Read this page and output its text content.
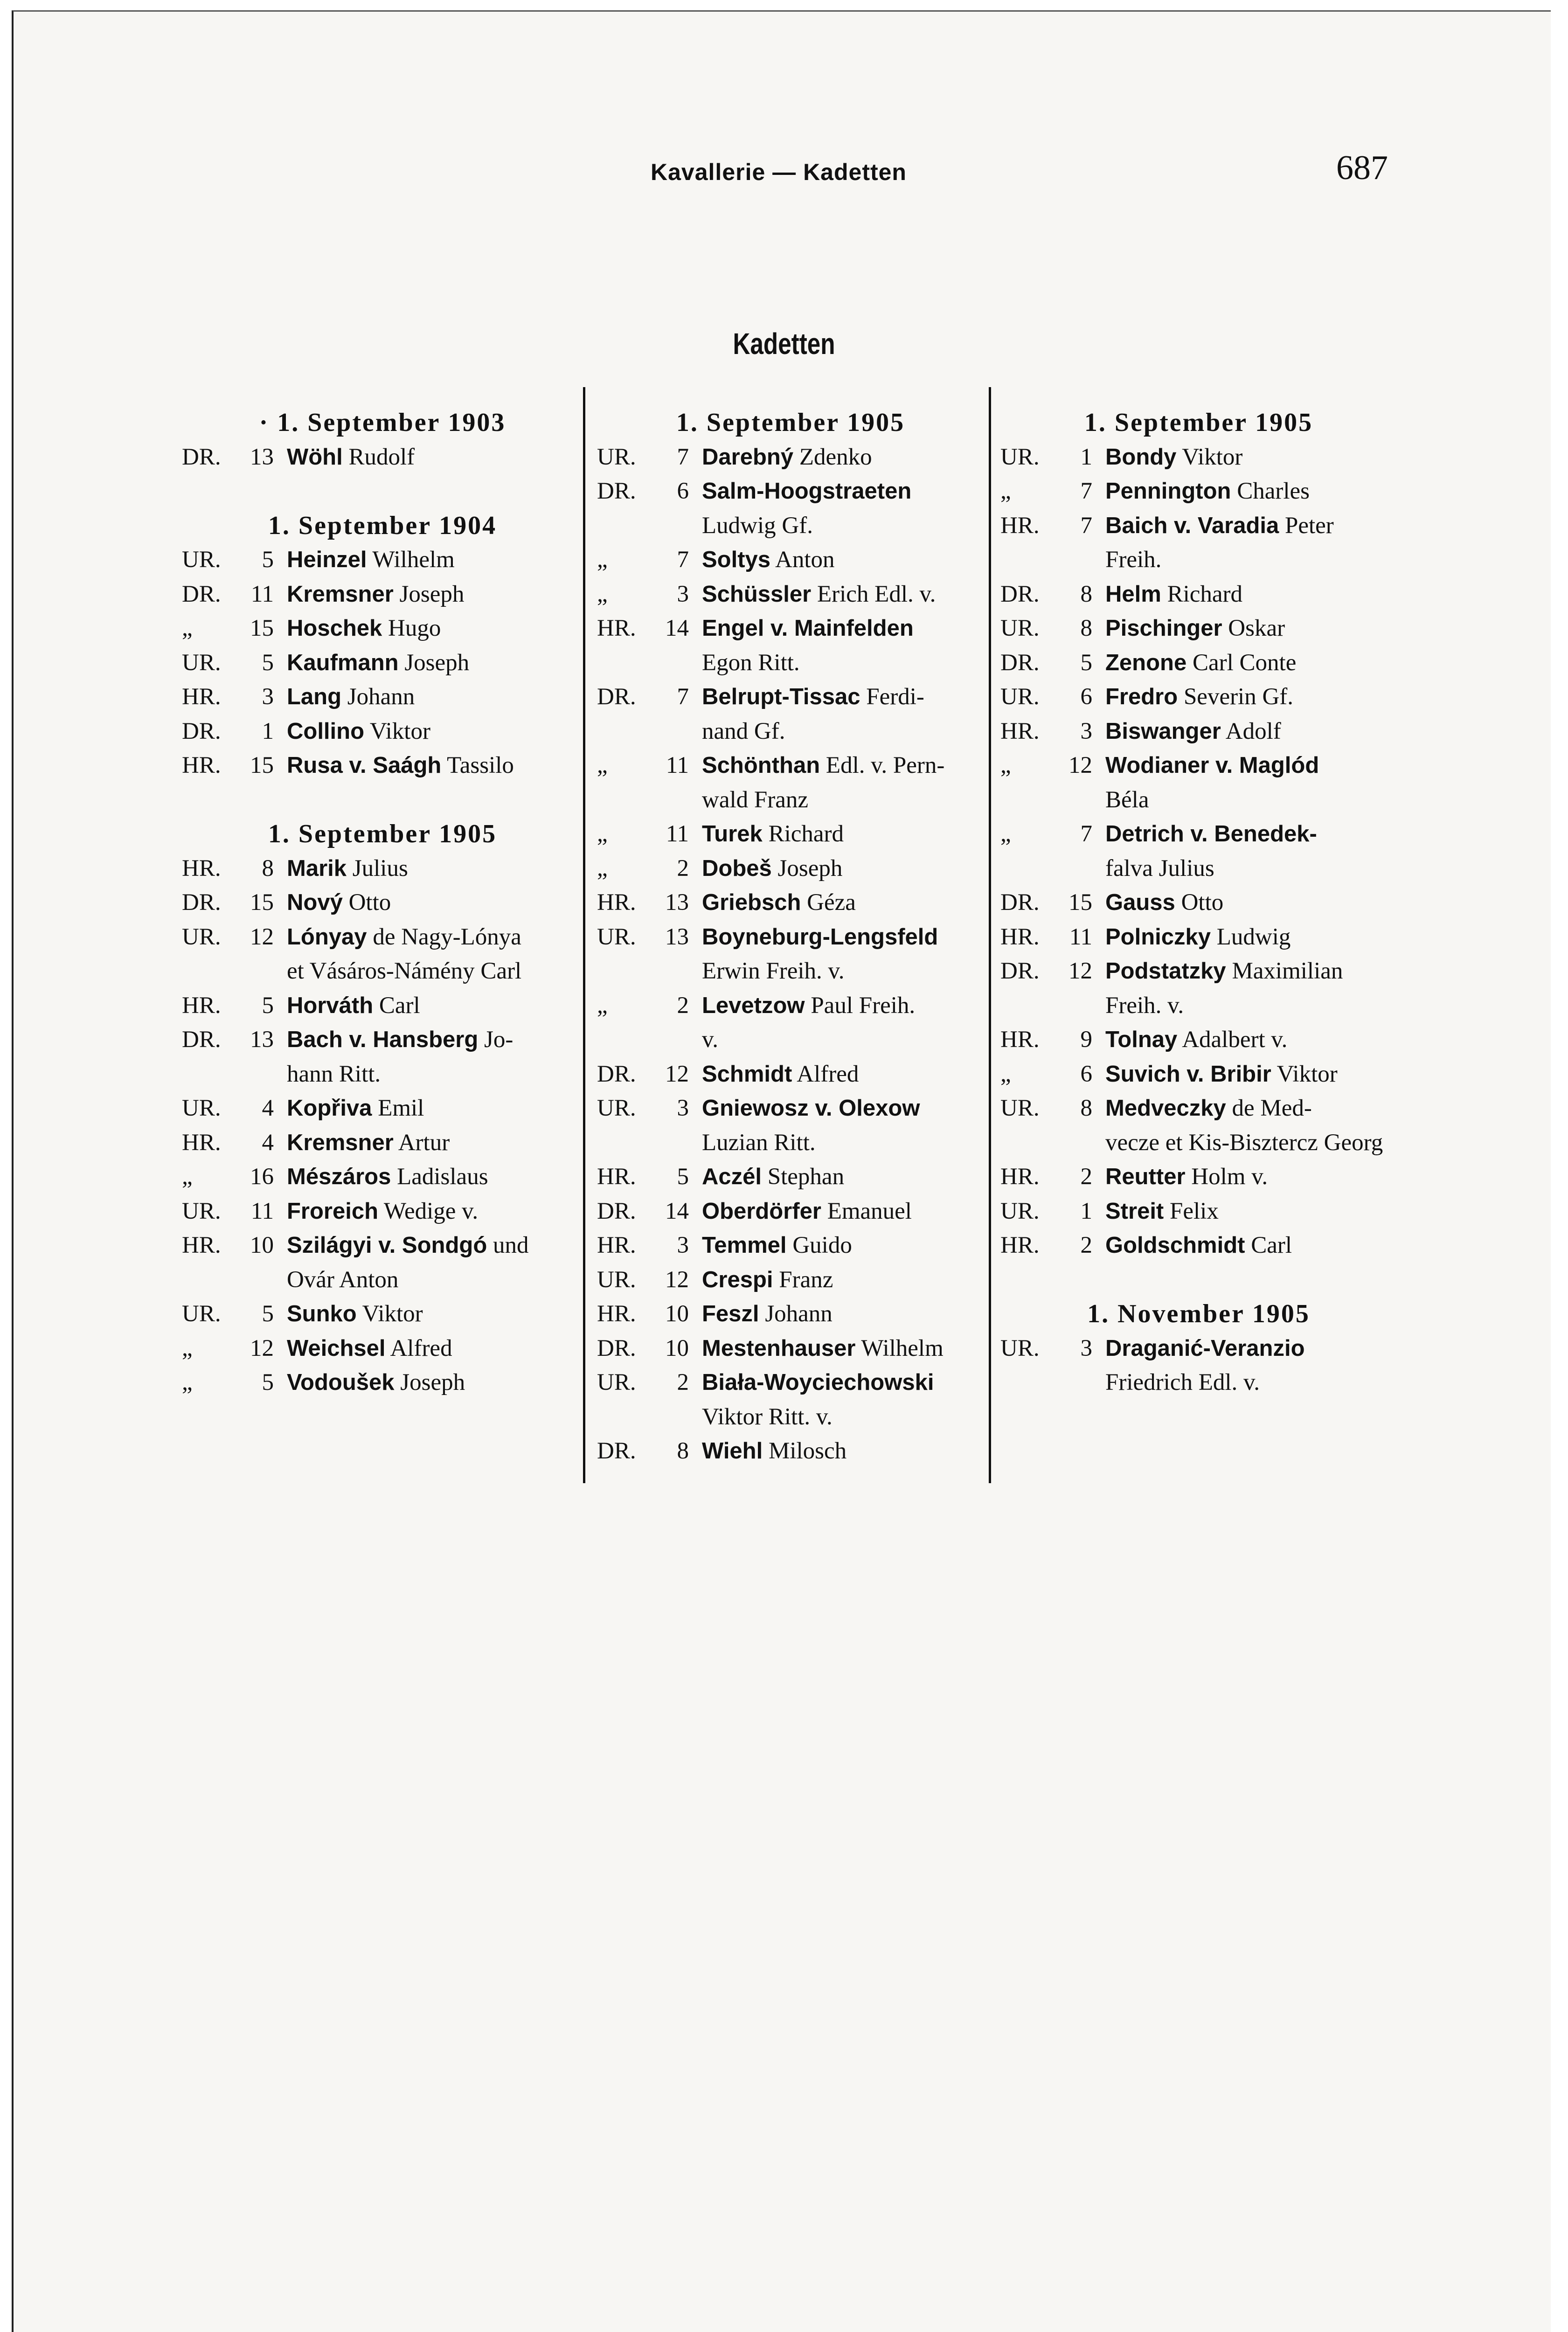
Kavallerie — Kadetten	687
Kadetten
· 1. September 1903
DR.	13 Wöhl Rudolf
1. September 1904
UR.	5 Heinzel Wilhelm
DR.	11 Kremsner Joseph
„	15 Hoschek Hugo
UR.	5 Kaufmann Joseph
HR.	3 Lang Johann
DR.	1 Collino Viktor
HR.	15 Rusa v. Saágh Tassilo
1. September 1905
HR.	8 Marik Julius
DR.	15 Nový Otto
UR.	12 Lónyay de Nagy-Lónya
et Vásáros-Námény Carl
HR.	5 Horváth Carl
DR.	13 Bach v. Hansberg Jo-
hann Ritt.
UR.	4 Kopřiva Emil
HR.	4 Kremsner Artur
„	16 Mészáros Ladislaus
UR.	11 Froreich Wedige v.
HR.	10 Szilágyi v. Sondgó und
Ovár Anton
UR.	5 Sunko Viktor
„	12 Weichsel Alfred
„	5 Vodoušek Joseph
1. September 1905
UR.	7 Darebný Zdenko
DR.	6 Salm-Hoogstraeten
Ludwig Gf.
„	7 Soltys Anton
„	3 Schüssler Erich Edl. v.
HR.	14 Engel v. Mainfelden
Egon Ritt.
DR.	7 Belrupt-Tissac Ferdi-
nand Gf.
„	11 Schönthan Edl. v. Pern-
wald Franz
„	11 Turek Richard
„	2 Dobeš Joseph
HR.	13 Griebsch Géza
UR.	13 Boyneburg-Lengsfeld
Erwin Freih. v.
„	2 Levetzow Paul Freih.
v.
DR.	12 Schmidt Alfred
UR.	3 Gniewosz v. Olexow
Luzian Ritt.
HR.	5 Aczél Stephan
DR.	14 Oberdörfer Emanuel
HR.	3 Temmel Guido
UR.	12 Crespi Franz
HR.	10 Feszl Johann
DR.	10 Mestenhauser Wilhelm
UR.	2 Biała-Woyciechowski
Viktor Ritt. v.
DR.	8 Wiehl Milosch
1. September 1905
UR.	1 Bondy Viktor
„	7 Pennington Charles
HR.	7 Baich v. Varadia Peter
Freih.
DR.	8 Helm Richard
UR.	8 Pischinger Oskar
DR.	5 Zenone Carl Conte
UR.	6 Fredro Severin Gf.
HR.	3 Biswanger Adolf
„	12 Wodianer v. Maglód
Béla
„	7 Detrich v. Benedek-
falva Julius
DR.	15 Gauss Otto
HR.	11 Polniczky Ludwig
DR.	12 Podstatzky Maximilian
Freih. v.
HR.	9 Tolnay Adalbert v.
„	6 Suvich v. Bribir Viktor
UR.	8 Medveczky de Med-
vecze et Kis-Bisztercz Georg
HR.	2 Reutter Holm v.
UR.	1 Streit Felix
HR.	2 Goldschmidt Carl
1. November 1905
UR.	3 Draganić-Veranzio
Friedrich Edl. v.
